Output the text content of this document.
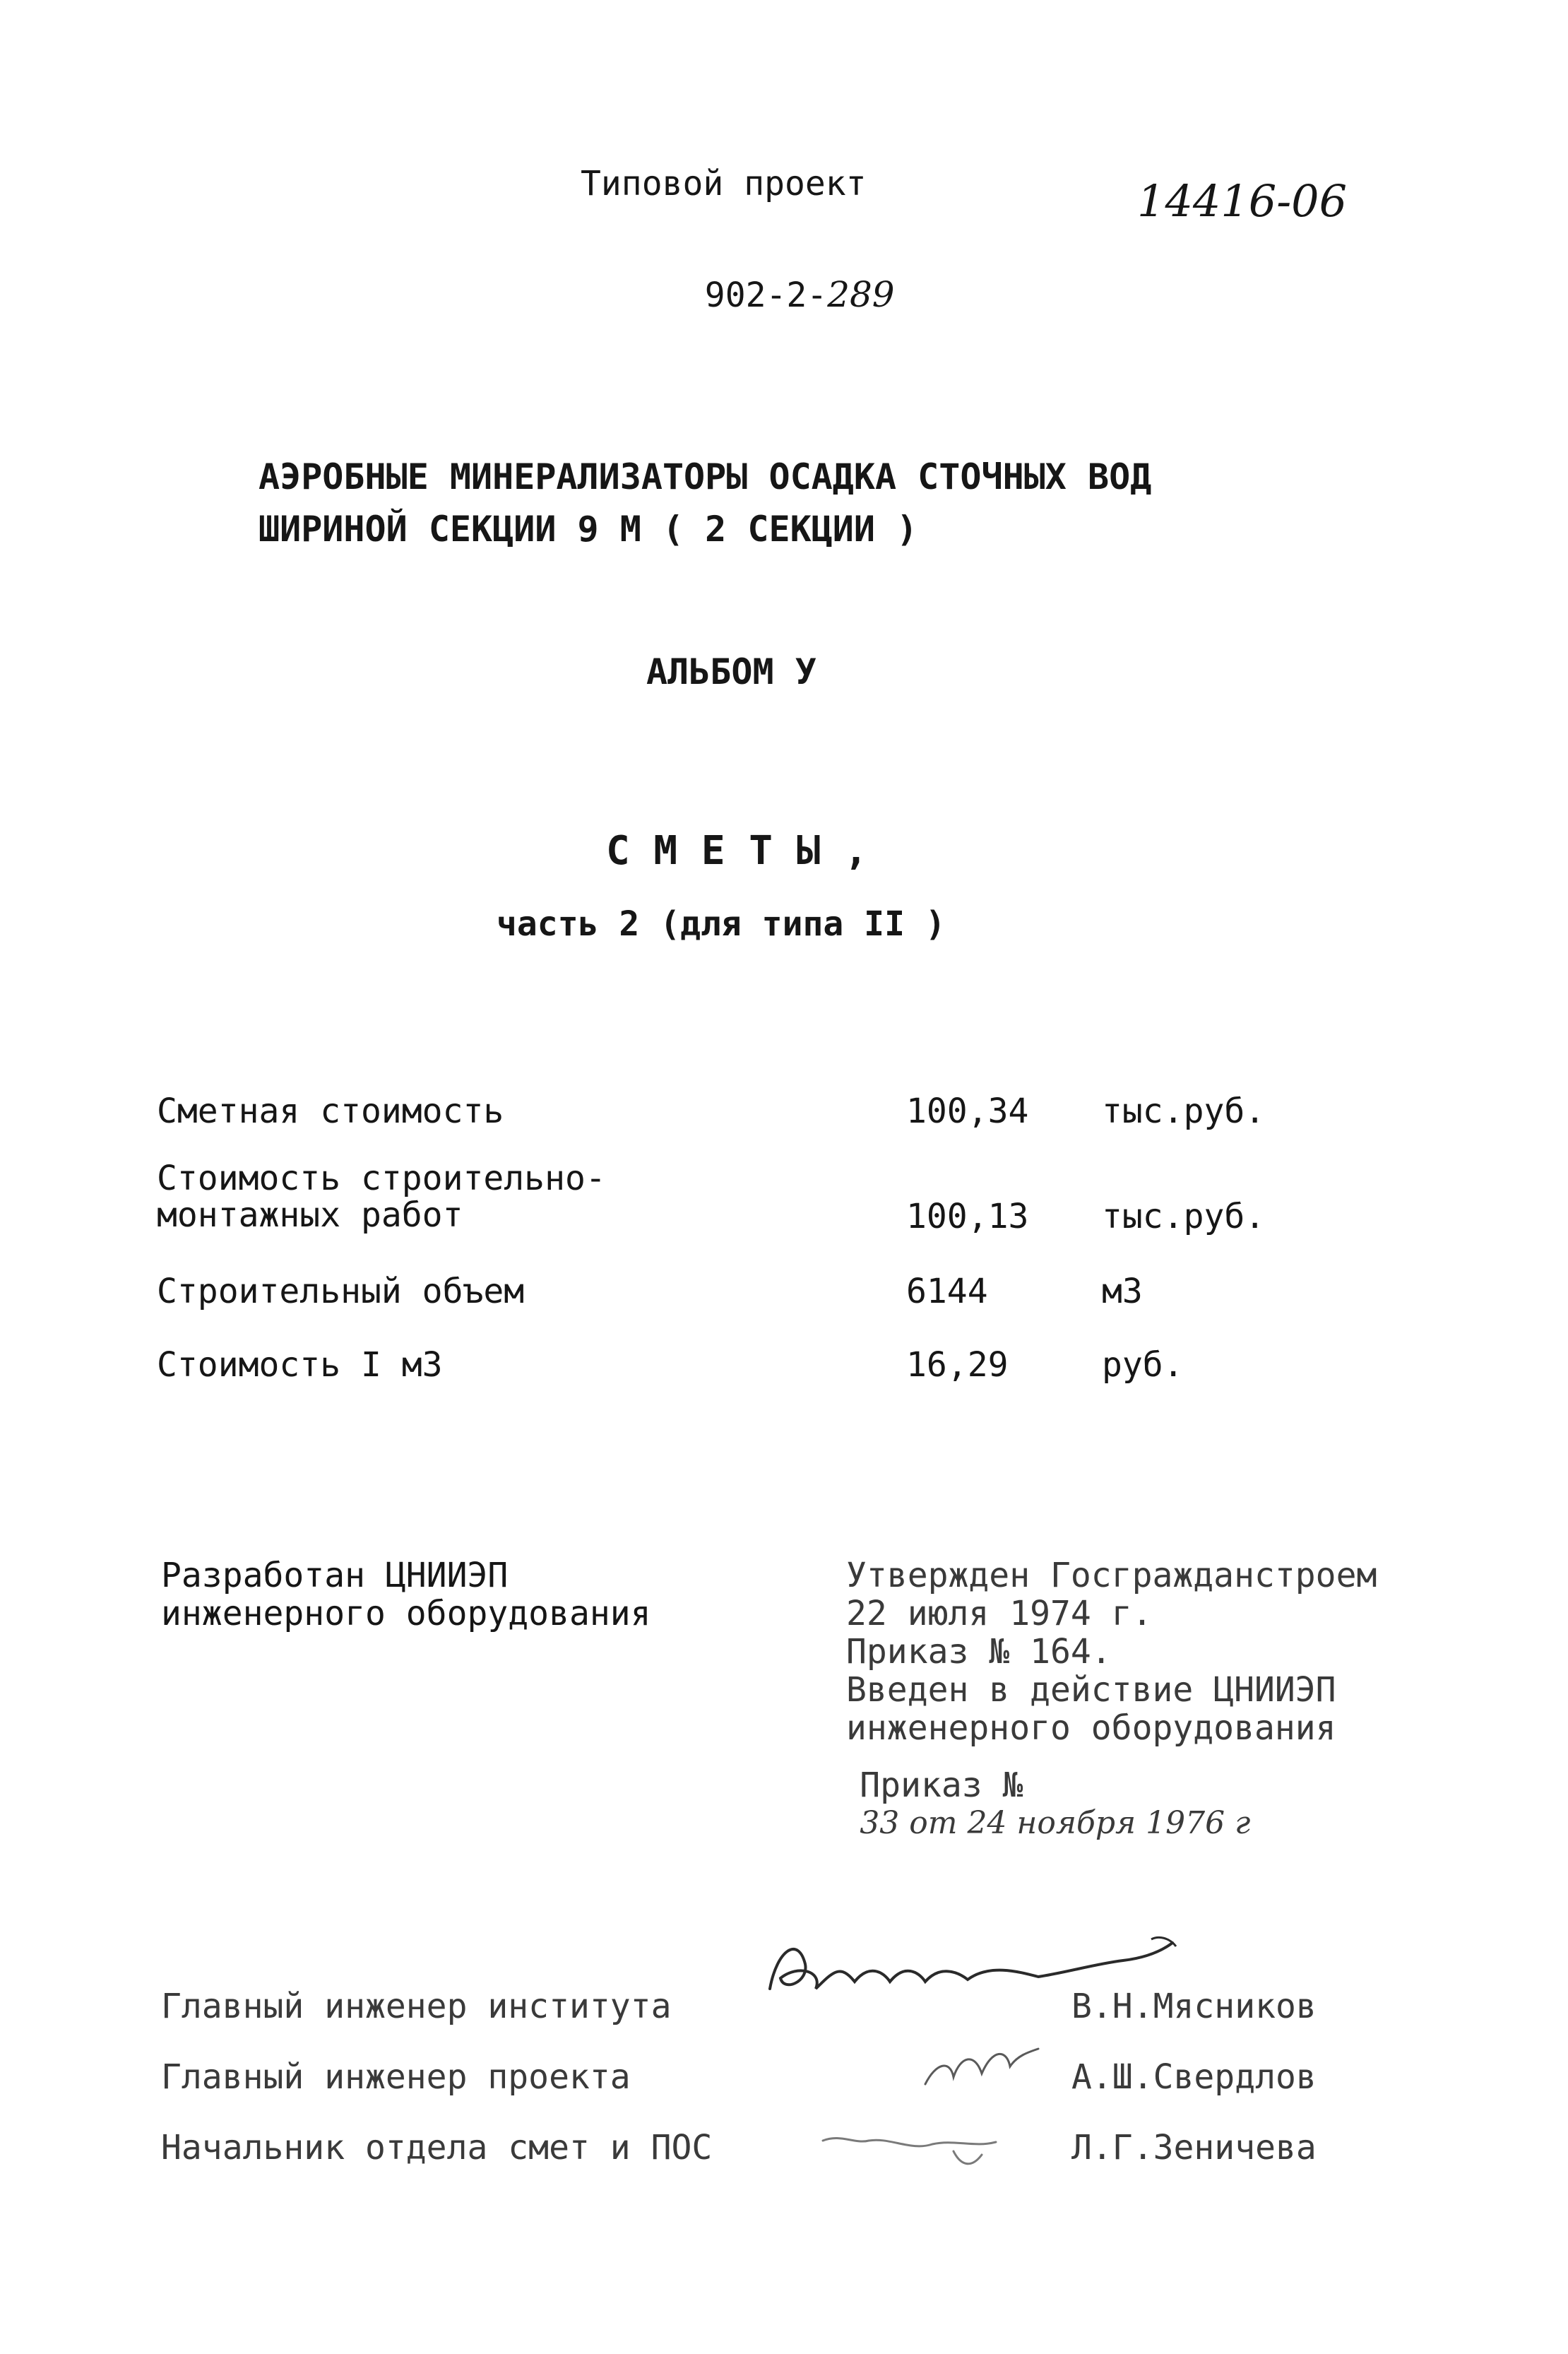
Типовой проект

902-2-289

14416-06
АЭРОБНЫЕ МИНЕРАЛИЗАТОРЫ ОСАДКА СТОЧНЫХ ВОД
ШИРИНОЙ СЕКЦИИ 9 М ( 2 СЕКЦИИ )
АЛЬБОМ У
С М Е Т Ы ,
часть 2 (для типа II )
Сметная стоимость	100,34 тыс.руб.
Стоимость строительно-
монтажных работ	100,13 тыс.руб.
Строительный объем	6144	м3
Стоимость I м3	16,29	руб.
Разработан ЦНИИЭП
инженерного оборудования
Утвержден Госгражданстроем
22 июля 1974 г.
Приказ № 164.
Введен в действие ЦНИИЭП
инженерного оборудования

Приказ №
33 от 24 ноября 1976 г

Главный инженер института	В.Н.Мясников
Главный инженер проекта	А.Ш.Свердлов
Начальник отдела смет и ПОС	Л.Г.Зеничева
